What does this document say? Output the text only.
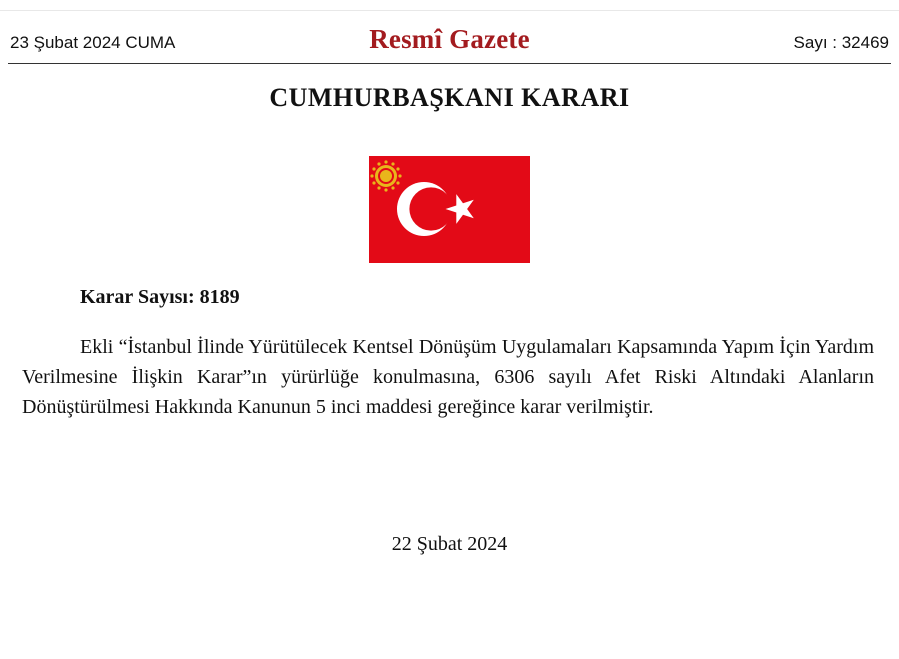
23 Şubat 2024 CUMA	Resmî Gazete	Sayı : 32469
CUMHURBAŞKANI KARARI
Karar Sayısı: 8189

Ekli “İstanbul İlinde Yürütülecek Kentsel Dönüşüm Uygulamaları Kapsamında Yapım İçin Yardım Verilmesine İlişkin Karar”ın yürürlüğe konulmasına, 6306 sayılı Afet Riski Altındaki Alanların Dönüştürülmesi Hakkında Kanunun 5 inci maddesi gereğince karar verilmiştir.

22 Şubat 2024
